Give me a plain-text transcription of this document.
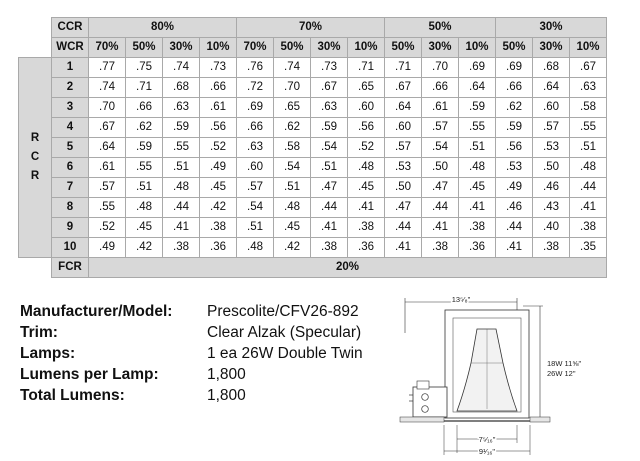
	CCR	80%				70%				50%			30%		
	WCR	70%	50%	30%	10%	70%	50%	30%	10%	50%	30%	10%	50%	30%	10%

R
C
R	1	.77	.75	.74	.73	.76	.74	.73	.71	.71	.70	.69	.69	.68	.67
	2	.74	.71	.68	.66	.72	.70	.67	.65	.67	.66	.64	.66	.64	.63
	3	.70	.66	.63	.61	.69	.65	.63	.60	.64	.61	.59	.62	.60	.58
	4	.67	.62	.59	.56	.66	.62	.59	.56	.60	.57	.55	.59	.57	.55
	5	.64	.59	.55	.52	.63	.58	.54	.52	.57	.54	.51	.56	.53	.51
	6	.61	.55	.51	.49	.60	.54	.51	.48	.53	.50	.48	.53	.50	.48
	7	.57	.51	.48	.45	.57	.51	.47	.45	.50	.47	.45	.49	.46	.44
	8	.55	.48	.44	.42	.54	.48	.44	.41	.47	.44	.41	.46	.43	.41
	9	.52	.45	.41	.38	.51	.45	.41	.38	.44	.41	.38	.44	.40	.38
	10	.49	.42	.38	.36	.48	.42	.38	.36	.41	.38	.36	.41	.38	.35
	FCR	20%													
Manufacturer/Model:	Prescolite/CFV26-892
Trim:	Clear Alzak (Specular)
Lamps:	1 ea 26W Double Twin
Lumens per Lamp:	1,800
Total Lumens:	1,800
13⁵⁄₈"
18W 11⅝"
26W 12"
7⁵⁄₁₆"
9¹⁄₁₆"
